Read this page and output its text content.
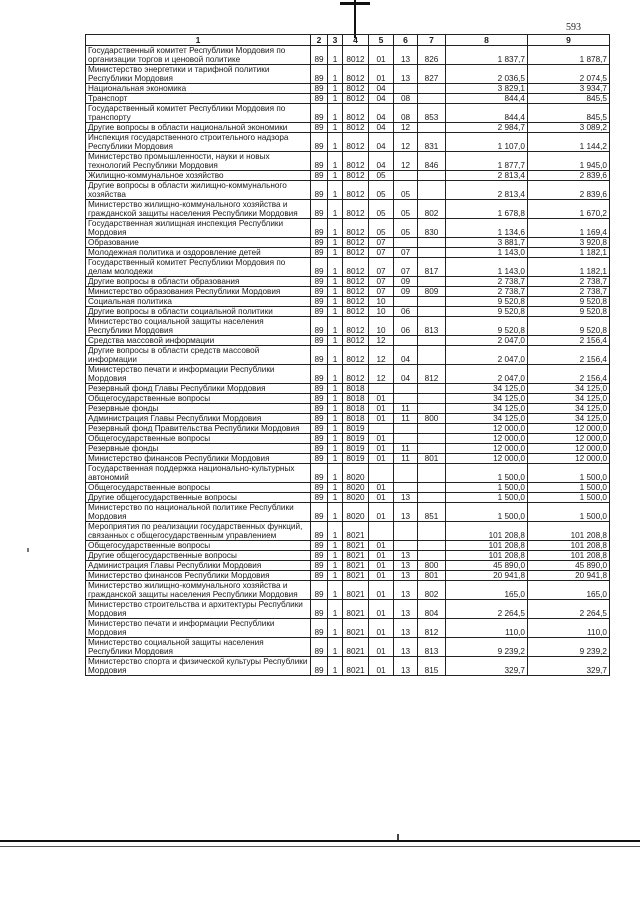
593
1	2	3	4	5	6	7	8	9
Государственный комитет Республики Мордовия по организации торгов и ценовой политике	89	1	8012	01	13	826	1 837,7	1 878,7
Министерство энергетики и тарифной политики Республики Мордовия	89	1	8012	01	13	827	2 036,5	2 074,5
Национальная экономика	89	1	8012	04			3 829,1	3 934,7
Транспорт	89	1	8012	04	08		844,4	845,5
Государственный комитет Республики Мордовия по транспорту	89	1	8012	04	08	853	844,4	845,5
Другие вопросы в области национальной экономики	89	1	8012	04	12		2 984,7	3 089,2
Инспекция государственного строительного надзора Республики Мордовия	89	1	8012	04	12	831	1 107,0	1 144,2
Министерство промышленности, науки и новых технологий Республики Мордовия	89	1	8012	04	12	846	1 877,7	1 945,0
Жилищно-коммунальное хозяйство	89	1	8012	05			2 813,4	2 839,6
Другие вопросы в области жилищно-коммунального хозяйства	89	1	8012	05	05		2 813,4	2 839,6
Министерство жилищно-коммунального хозяйства и гражданской защиты населения Республики Мордовия	89	1	8012	05	05	802	1 678,8	1 670,2
Государственная жилищная инспекция Республики Мордовия	89	1	8012	05	05	830	1 134,6	1 169,4
Образование	89	1	8012	07			3 881,7	3 920,8
Молодежная политика и оздоровление детей	89	1	8012	07	07		1 143,0	1 182,1
Государственный комитет Республики Мордовия по делам молодежи	89	1	8012	07	07	817	1 143,0	1 182,1
Другие вопросы в области образования	89	1	8012	07	09		2 738,7	2 738,7
Министерство образования Республики Мордовия	89	1	8012	07	09	809	2 738,7	2 738,7
Социальная политика	89	1	8012	10			9 520,8	9 520,8
Другие вопросы в области социальной политики	89	1	8012	10	06		9 520,8	9 520,8
Министерство социальной защиты населения Республики Мордовия	89	1	8012	10	06	813	9 520,8	9 520,8
Средства массовой информации	89	1	8012	12			2 047,0	2 156,4
Другие вопросы в области средств массовой информации	89	1	8012	12	04		2 047,0	2 156,4
Министерство печати и информации Республики Мордовия	89	1	8012	12	04	812	2 047,0	2 156,4
Резервный фонд Главы Республики Мордовия	89	1	8018				34 125,0	34 125,0
Общегосударственные вопросы	89	1	8018	01			34 125,0	34 125,0
Резервные фонды	89	1	8018	01	11		34 125,0	34 125,0
Администрация Главы Республики Мордовия	89	1	8018	01	11	800	34 125,0	34 125,0
Резервный фонд Правительства Республики Мордовия	89	1	8019				12 000,0	12 000,0
Общегосударственные вопросы	89	1	8019	01			12 000,0	12 000,0
Резервные фонды	89	1	8019	01	11		12 000,0	12 000,0
Министерство финансов Республики Мордовия	89	1	8019	01	11	801	12 000,0	12 000,0
Государственная поддержка национально-культурных автономий	89	1	8020				1 500,0	1 500,0
Общегосударственные вопросы	89	1	8020	01			1 500,0	1 500,0
Другие общегосударственные вопросы	89	1	8020	01	13		1 500,0	1 500,0
Министерство по национальной политике Республики Мордовия	89	1	8020	01	13	851	1 500,0	1 500,0
Мероприятия по реализации государственных функций, связанных с общегосударственным управлением	89	1	8021				101 208,8	101 208,8
Общегосударственные вопросы	89	1	8021	01			101 208,8	101 208,8
Другие общегосударственные вопросы	89	1	8021	01	13		101 208,8	101 208,8
Администрация Главы Республики Мордовия	89	1	8021	01	13	800	45 890,0	45 890,0
Министерство финансов Республики Мордовия	89	1	8021	01	13	801	20 941,8	20 941,8
Министерство жилищно-коммунального хозяйства и гражданской защиты населения Республики Мордовия	89	1	8021	01	13	802	165,0	165,0
Министерство строительства и архитектуры Республики Мордовия	89	1	8021	01	13	804	2 264,5	2 264,5
Министерство печати и информации Республики Мордовия	89	1	8021	01	13	812	110,0	110,0
Министерство социальной защиты населения Республики Мордовия	89	1	8021	01	13	813	9 239,2	9 239,2
Министерство спорта и физической культуры Республики Мордовия	89	1	8021	01	13	815	329,7	329,7
